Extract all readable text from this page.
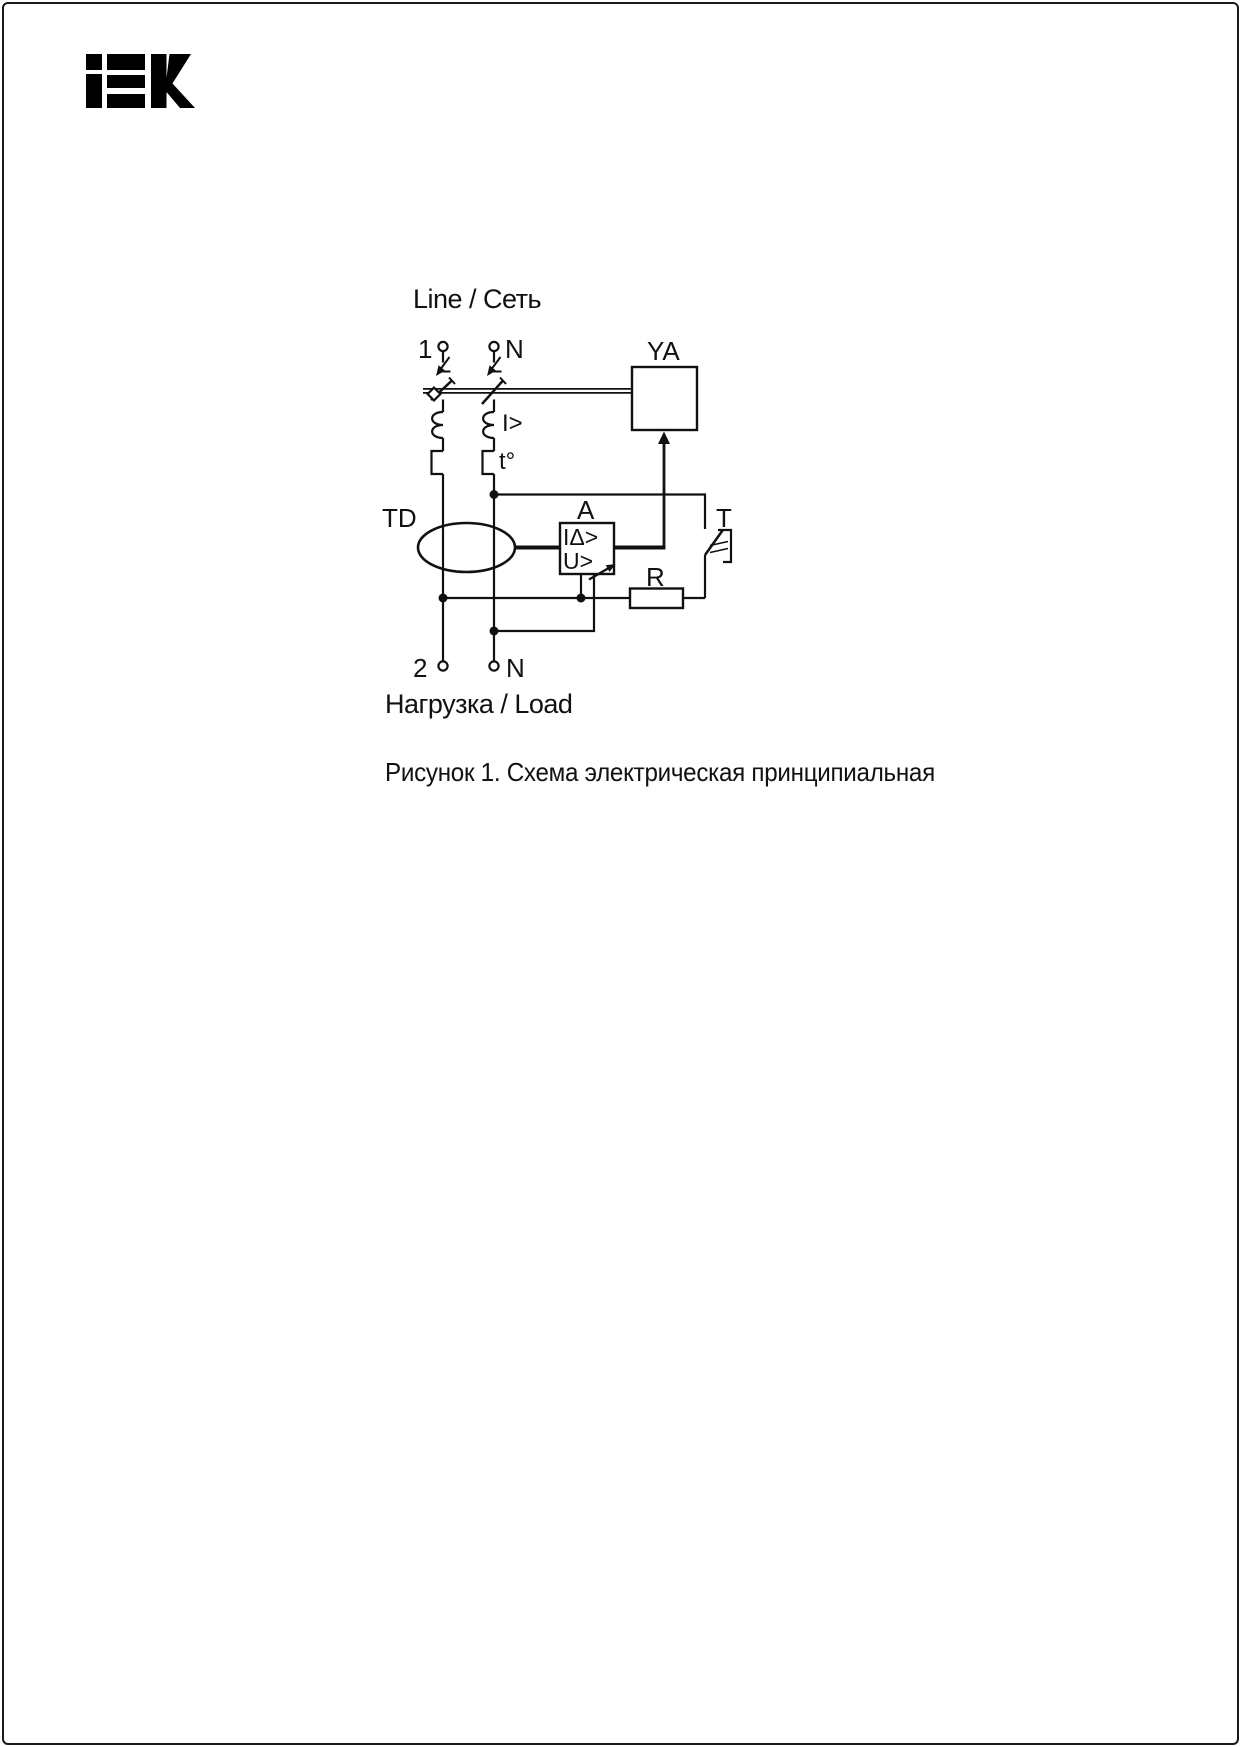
Line / Сеть
1	N	YA
I>
t°
TD	A
IΔ>
U>
T
R
2	N
Нагрузка / Load
Рисунок 1. Схема электрическая принципиальная
